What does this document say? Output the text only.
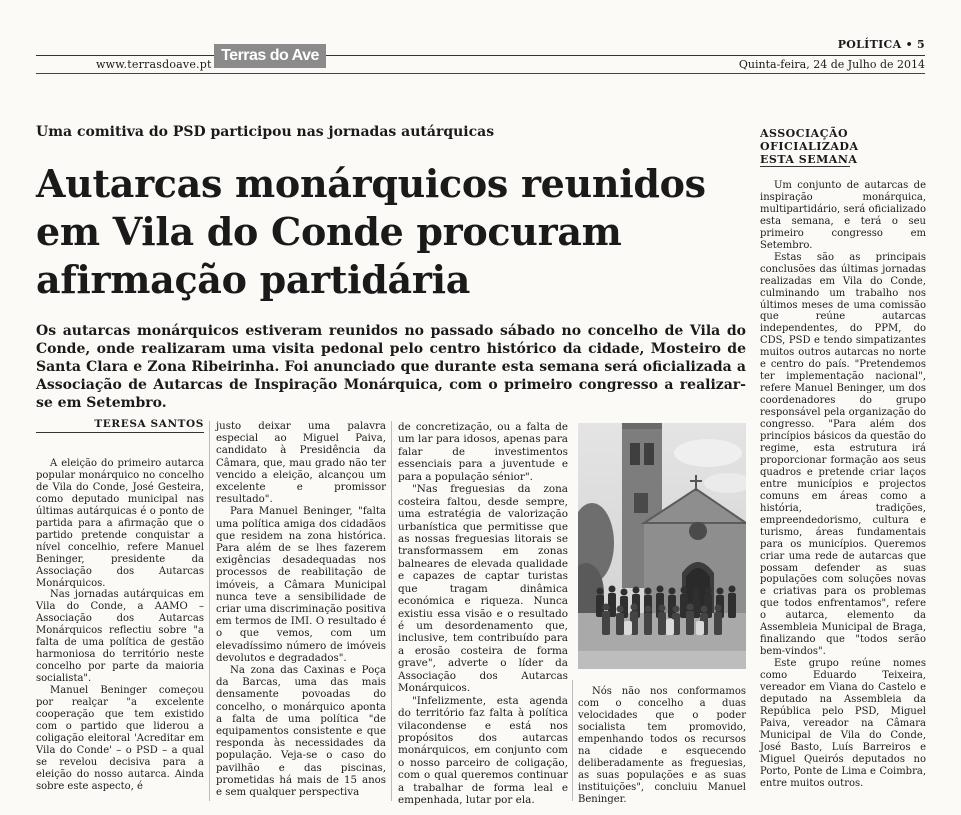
www.terrasdoave.pt
Terras do Ave
POLÍTICA • 5
Quinta-feira, 24 de Julho de 2014
Uma comitiva do PSD participou nas jornadas autárquicas
Autarcas monárquicos reunidos em Vila do Conde procuram afirmação partidária
Os autarcas monárquicos estiveram reunidos no passado sábado no concelho de Vila do Conde, onde realizaram uma visita pedonal pelo centro histórico da cidade, Mosteiro de Santa Clara e Zona Ribeirinha. Foi anunciado que durante esta semana será oficializada a Associação de Autarcas de Inspiração Monárquica, com o primeiro congresso a realizar-se em Setembro.
TERESA SANTOS

A eleição do primeiro autarca popular monárquico no concelho de Vila do Conde, José Gesteira, como deputado municipal nas últimas autárquicas é o ponto de partida para a afirmação que o partido pretende conquistar a nível concelhio, refere Manuel Beninger, presidente da Associação dos Autarcas Monárquicos.

Nas jornadas autárquicas em Vila do Conde, a AAMO – Associação dos Autarcas Monárquicos reflectiu sobre "a falta de uma política de gestão harmoniosa do território neste concelho por parte da maioria socialista".

Manuel Beninger começou por realçar "a excelente cooperação que tem existido com o partido que liderou a coligação eleitoral 'Acreditar em Vila do Conde' – o PSD – a qual se revelou decisiva para a eleição do nosso autarca. Ainda sobre este aspecto, é

justo deixar uma palavra especial ao Miguel Paiva, candidato à Presidência da Câmara, que, mau grado não ter vencido a eleição, alcançou um excelente e promissor resultado".

Para Manuel Beninger, "falta uma política amiga dos cidadãos que residem na zona histórica. Para além de se lhes fazerem exigências desadequadas nos processos de reabilitação de imóveis, a Câmara Municipal nunca teve a sensibilidade de criar uma discriminação positiva em termos de IMI. O resultado é o que vemos, com um elevadíssimo número de imóveis devolutos e degradados".

Na zona das Caxinas e Poça da Barcas, uma das mais densamente povoadas do concelho, o monárquico aponta a falta de uma política "de equipamentos consistente e que responda às necessidades da população. Veja-se o caso do pavilhão e das piscinas, prometidas há mais de 15 anos e sem qualquer perspectiva

de concretização, ou a falta de um lar para idosos, apenas para falar de investimentos essenciais para a juventude e para a população sénior".

"Nas freguesias da zona costeira faltou, desde sempre, uma estratégia de valorização urbanística que permitisse que as nossas freguesias litorais se transformassem em zonas balneares de elevada qualidade e capazes de captar turistas que tragam dinâmica económica e riqueza. Nunca existiu essa visão e o resultado é um desordenamento que, inclusive, tem contribuído para a erosão costeira de forma grave", adverte o líder da Associação dos Autarcas Monárquicos.

"Infelizmente, esta agenda do território faz falta à política vilacondense e está nos propósitos dos autarcas monárquicos, em conjunto com o nosso parceiro de coligação, com o qual queremos continuar a trabalhar de forma leal e empenhada, lutar por ela.

Nós não nos conformamos com o concelho a duas velocidades que o poder socialista tem promovido, empenhando todos os recursos na cidade e esquecendo deliberadamente as freguesias, as suas populações e as suas instituições", concluiu Manuel Beninger.

ASSOCIAÇÃO OFICIALIZADA ESTA SEMANA

Um conjunto de autarcas de inspiração monárquica, multipartidário, será oficializado esta semana, e terá o seu primeiro congresso em Setembro.

Estas são as principais conclusões das últimas jornadas realizadas em Vila do Conde, culminando um trabalho nos últimos meses de uma comissão que reúne autarcas independentes, do PPM, do CDS, PSD e tendo simpatizantes muitos outros autarcas no norte e centro do país. "Pretendemos ter implementação nacional", refere Manuel Beninger, um dos coordenadores do grupo responsável pela organização do congresso. "Para além dos princípios básicos da questão do regime, esta estrutura irá proporcionar formação aos seus quadros e pretende criar laços entre municípios e projectos comuns em áreas como a história, tradições, empreendedorismo, cultura e turismo, áreas fundamentais para os municípios. Queremos criar uma rede de autarcas que possam defender as suas populações com soluções novas e criativas para os problemas que todos enfrentamos", refere o autarca, elemento da Assembleia Municipal de Braga, finalizando que "todos serão bem-vindos".

Este grupo reúne nomes como Eduardo Teixeira, vereador em Viana do Castelo e deputado na Assembleia da República pelo PSD, Miguel Paiva, vereador na Câmara Municipal de Vila do Conde, José Basto, Luís Barreiros e Miguel Queirós deputados no Porto, Ponte de Lima e Coimbra, entre muitos outros.
